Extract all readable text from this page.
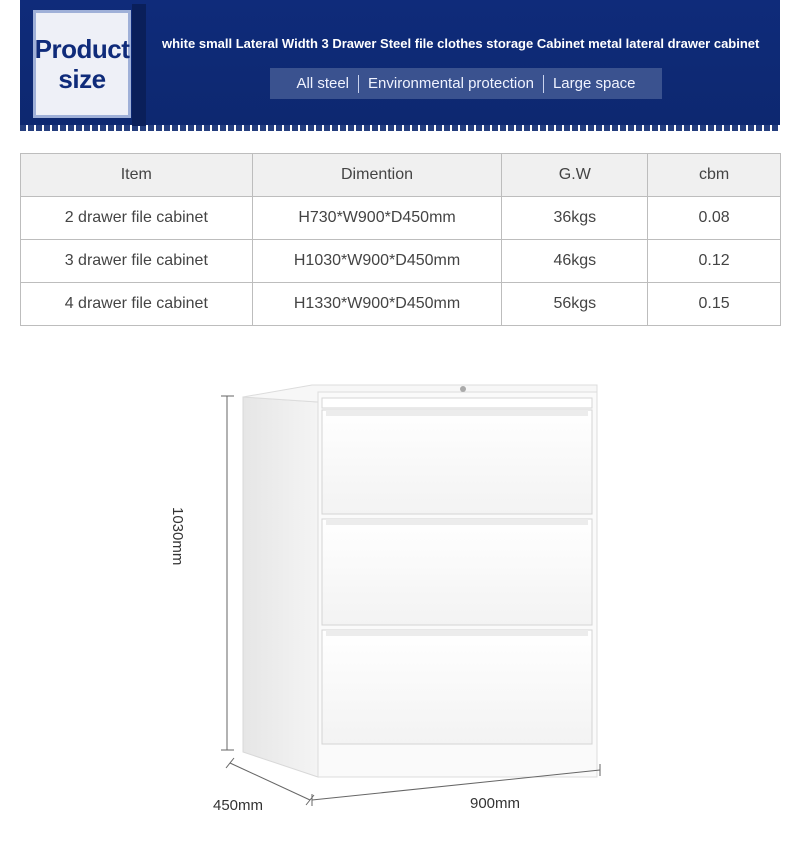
Product
size
white small Lateral Width 3 Drawer Steel file clothes storage Cabinet metal lateral drawer cabinet
All steel	Environmental protection	Large space
Item	Dimention	G.W	cbm
2 drawer file cabinet	H730*W900*D450mm	36kgs	0.08
3 drawer file cabinet	H1030*W900*D450mm	46kgs	0.12
4 drawer file cabinet	H1330*W900*D450mm	56kgs	0.15
1030mm
450mm	900mm
